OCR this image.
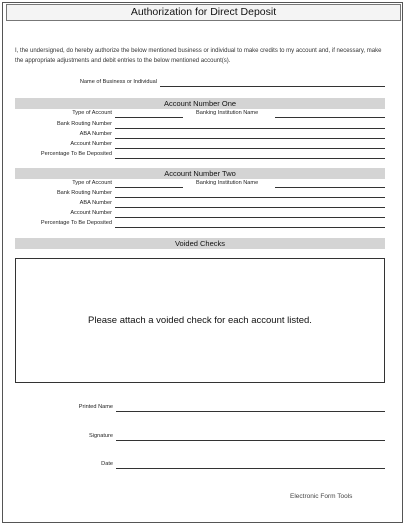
Authorization for Direct Deposit
I, the undersigned, do hereby authorize the below mentioned business or individual to make credits to my account and, if necessary, make the appropriate adjustments and debit entries to the below mentioned account(s).
Name of Business or Individual
Account Number One
Type of Account	Banking Institution Name
Bank Routing Number
ABA Number
Account Number
Percentage To Be Deposited
Account Number Two
Type of Account	Banking Institution Name
Bank Routing Number
ABA Number
Account Number
Percentage To Be Deposited
Voided Checks
Please attach a voided check for each account listed.
Printed Name
Signature
Date
Electronic Form Tools
